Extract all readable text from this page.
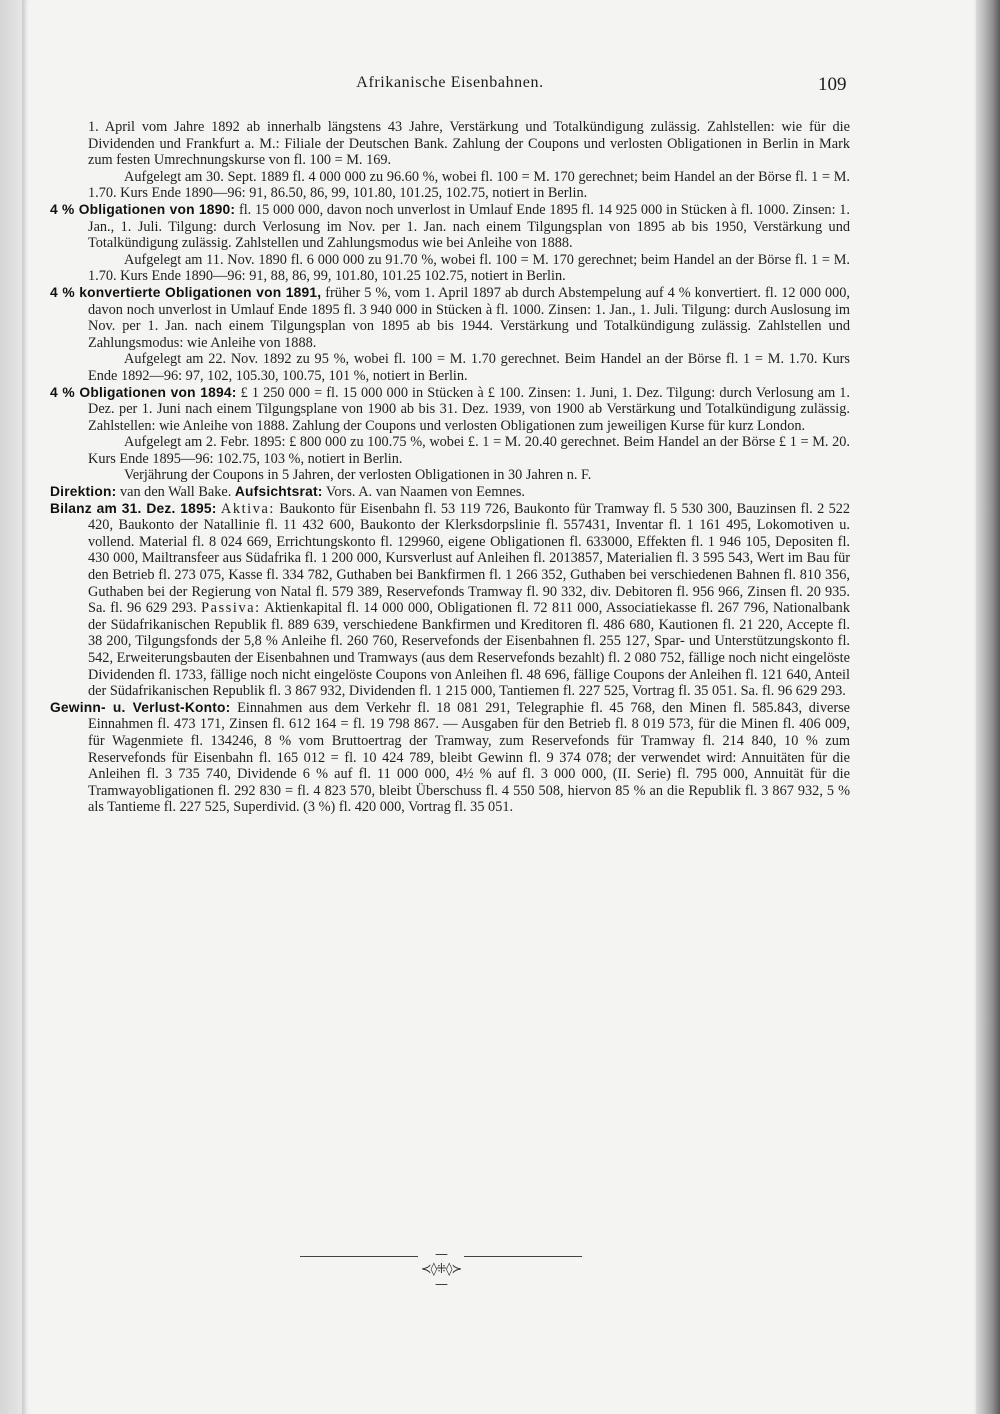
Afrikanische Eisenbahnen.	109

1. April vom Jahre 1892 ab innerhalb längstens 43 Jahre, Verstärkung und Totalkündigung zulässig. Zahlstellen: wie für die Dividenden und Frankfurt a. M.: Filiale der Deutschen Bank. Zahlung der Coupons und verlosten Obligationen in Berlin in Mark zum festen Umrechnungskurse von fl. 100 = M. 169.

Aufgelegt am 30. Sept. 1889 fl. 4 000 000 zu 96.60 %, wobei fl. 100 = M. 170 gerechnet; beim Handel an der Börse fl. 1 = M. 1.70. Kurs Ende 1890—96: 91, 86.50, 86, 99, 101.80, 101.25, 102.75, notiert in Berlin.

4 % Obligationen von 1890: fl. 15 000 000, davon noch unverlost in Umlauf Ende 1895 fl. 14 925 000 in Stücken à fl. 1000. Zinsen: 1. Jan., 1. Juli. Tilgung: durch Verlosung im Nov. per 1. Jan. nach einem Tilgungsplan von 1895 ab bis 1950, Verstärkung und Totalkündigung zulässig. Zahlstellen und Zahlungsmodus wie bei Anleihe von 1888.

Aufgelegt am 11. Nov. 1890 fl. 6 000 000 zu 91.70 %, wobei fl. 100 = M. 170 gerechnet; beim Handel an der Börse fl. 1 = M. 1.70. Kurs Ende 1890—96: 91, 88, 86, 99, 101.80, 101.25 102.75, notiert in Berlin.

4 % konvertierte Obligationen von 1891, früher 5 %, vom 1. April 1897 ab durch Abstempelung auf 4 % konvertiert. fl. 12 000 000, davon noch unverlost in Umlauf Ende 1895 fl. 3 940 000 in Stücken à fl. 1000. Zinsen: 1. Jan., 1. Juli. Tilgung: durch Auslosung im Nov. per 1. Jan. nach einem Tilgungsplan von 1895 ab bis 1944. Verstärkung und Totalkündigung zulässig. Zahlstellen und Zahlungsmodus: wie Anleihe von 1888.

Aufgelegt am 22. Nov. 1892 zu 95 %, wobei fl. 100 = M. 1.70 gerechnet. Beim Handel an der Börse fl. 1 = M. 1.70. Kurs Ende 1892—96: 97, 102, 105.30, 100.75, 101 %, notiert in Berlin.

4 % Obligationen von 1894: £ 1 250 000 = fl. 15 000 000 in Stücken à £ 100. Zinsen: 1. Juni, 1. Dez. Tilgung: durch Verlosung am 1. Dez. per 1. Juni nach einem Tilgungsplane von 1900 ab bis 31. Dez. 1939, von 1900 ab Verstärkung und Totalkündigung zulässig. Zahlstellen: wie Anleihe von 1888. Zahlung der Coupons und verlosten Obligationen zum jeweiligen Kurse für kurz London.

Aufgelegt am 2. Febr. 1895: £ 800 000 zu 100.75 %, wobei £. 1 = M. 20.40 gerechnet. Beim Handel an der Börse £ 1 = M. 20. Kurs Ende 1895—96: 102.75, 103 %, notiert in Berlin.

Verjährung der Coupons in 5 Jahren, der verlosten Obligationen in 30 Jahren n. F.

Direktion: van den Wall Bake. Aufsichtsrat: Vors. A. van Naamen von Eemnes.

Bilanz am 31. Dez. 1895: Aktiva: Baukonto für Eisenbahn fl. 53 119 726, Baukonto für Tramway fl. 5 530 300, Bauzinsen fl. 2 522 420, Baukonto der Natallinie fl. 11 432 600, Baukonto der Klerksdorpslinie fl. 557431, Inventar fl. 1 161 495, Lokomotiven u. vollend. Material fl. 8 024 669, Errichtungskonto fl. 129960, eigene Obligationen fl. 633000, Effekten fl. 1 946 105, Depositen fl. 430 000, Mailtransfeer aus Südafrika fl. 1 200 000, Kursverlust auf Anleihen fl. 2013857, Materialien fl. 3 595 543, Wert im Bau für den Betrieb fl. 273 075, Kasse fl. 334 782, Guthaben bei Bankfirmen fl. 1 266 352, Guthaben bei verschiedenen Bahnen fl. 810 356, Guthaben bei der Regierung von Natal fl. 579 389, Reservefonds Tramway fl. 90 332, div. Debitoren fl. 956 966, Zinsen fl. 20 935. Sa. fl. 96 629 293. Passiva: Aktienkapital fl. 14 000 000, Obligationen fl. 72 811 000, Associatiekasse fl. 267 796, Nationalbank der Südafrikanischen Republik fl. 889 639, verschiedene Bankfirmen und Kreditoren fl. 486 680, Kautionen fl. 21 220, Accepte fl. 38 200, Tilgungsfonds der 5,8 % Anleihe fl. 260 760, Reservefonds der Eisenbahnen fl. 255 127, Spar- und Unterstützungskonto fl. 542, Erweiterungsbauten der Eisenbahnen und Tramways (aus dem Reservefonds bezahlt) fl. 2 080 752, fällige noch nicht eingelöste Dividenden fl. 1733, fällige noch nicht eingelöste Coupons von Anleihen fl. 48 696, fällige Coupons der Anleihen fl. 121 640, Anteil der Südafrikanischen Republik fl. 3 867 932, Dividenden fl. 1 215 000, Tantiemen fl. 227 525, Vortrag fl. 35 051. Sa. fl. 96 629 293.

Gewinn- u. Verlust-Konto: Einnahmen aus dem Verkehr fl. 18 081 291, Telegraphie fl. 45 768, den Minen fl. 585.843, diverse Einnahmen fl. 473 171, Zinsen fl. 612 164 = fl. 19 798 867. — Ausgaben für den Betrieb fl. 8 019 573, für die Minen fl. 406 009, für Wagenmiete fl. 134246, 8 % vom Bruttoertrag der Tramway, zum Reservefonds für Tramway fl. 214 840, 10 % zum Reservefonds für Eisenbahn fl. 165 012 = fl. 10 424 789, bleibt Gewinn fl. 9 374 078; der verwendet wird: Annuitäten für die Anleihen fl. 3 735 740, Dividende 6 % auf fl. 11 000 000, 4½ % auf fl. 3 000 000, (II. Serie) fl. 795 000, Annuität für die Tramwayobligationen fl. 292 830 = fl. 4 823 570, bleibt Überschuss fl. 4 550 508, hiervon 85 % an die Republik fl. 3 867 932, 5 % als Tantieme fl. 227 525, Superdivid. (3 %) fl. 420 000, Vortrag fl. 35 051.

—≺◊⁜◊≻—
